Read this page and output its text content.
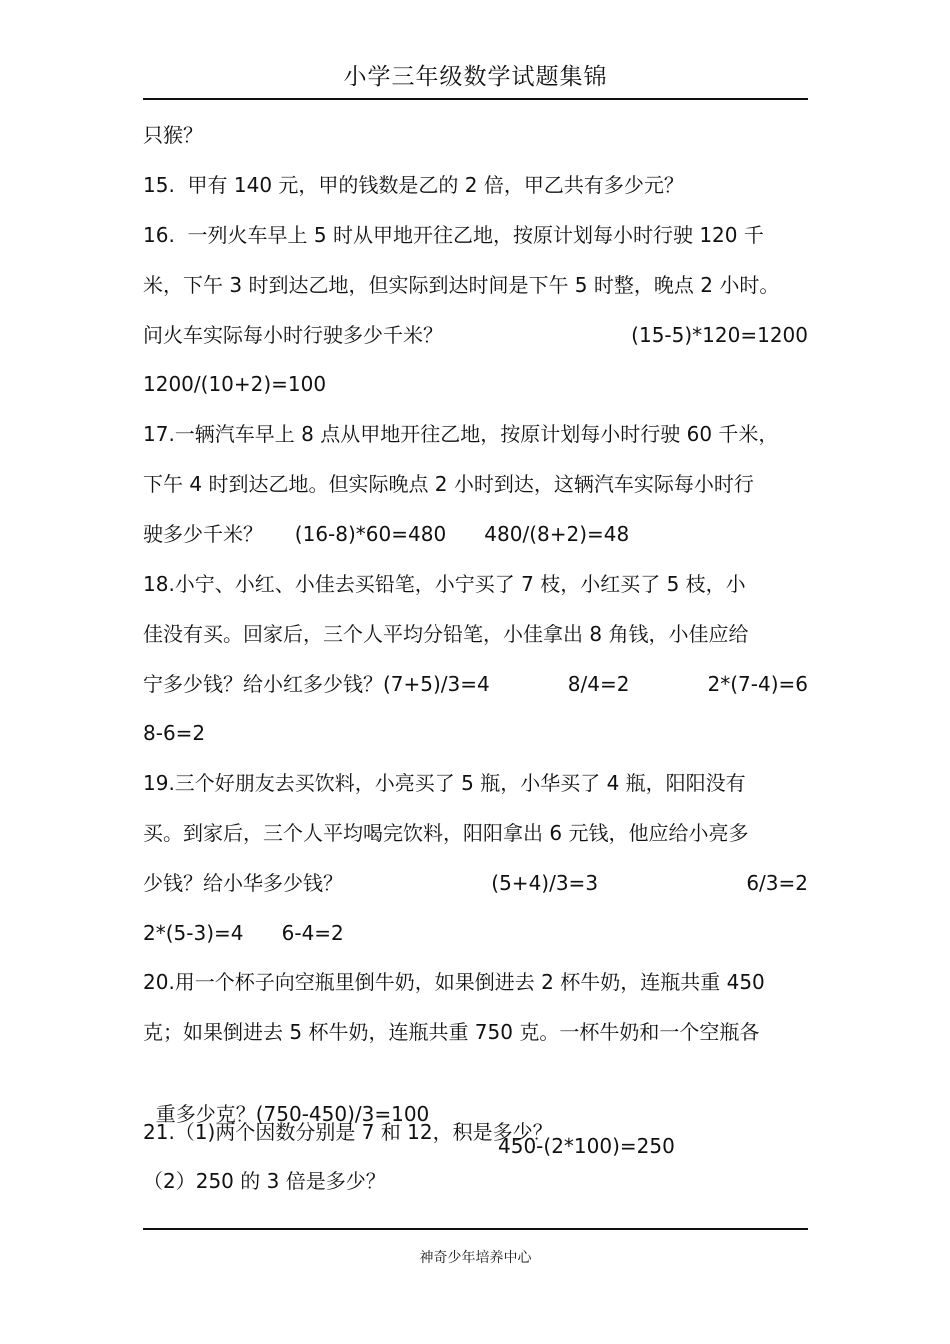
小学三年级数学试题集锦
只猴？
15.  甲有 140 元，甲的钱数是乙的 2 倍，甲乙共有多少元？
16.  一列火车早上 5 时从甲地开往乙地，按原计划每小时行驶 120 千
米，下午 3 时到达乙地，但实际到达时间是下午 5 时整，晚点 2 小时。
问火车实际每小时行驶多少千米？	(15-5)*120=1200
1200/(10+2)=100
17.一辆汽车早上 8 点从甲地开往乙地，按原计划每小时行驶 60 千米，
下午 4 时到达乙地。但实际晚点 2 小时到达，这辆汽车实际每小时行
驶多少千米？     (16-8)*60=480      480/(8+2)=48
18.小宁、小红、小佳去买铅笔，小宁买了 7 枝，小红买了 5 枝，小
佳没有买。回家后，三个人平均分铅笔，小佳拿出 8 角钱，小佳应给
宁多少钱？给小红多少钱？(7+5)/3=4	8/4=2	2*(7-4)=6
8-6=2
19.三个好朋友去买饮料，小亮买了 5 瓶，小华买了 4 瓶，阳阳没有
买。到家后，三个人平均喝完饮料，阳阳拿出 6 元钱，他应给小亮多
少钱？给小华多少钱？	(5+4)/3=3	6/3=2
2*(5-3)=4      6-4=2
20.用一个杯子向空瓶里倒牛奶，如果倒进去 2 杯牛奶，连瓶共重 450
克；如果倒进去 5 杯牛奶，连瓶共重 750 克。一杯牛奶和一个空瓶各

重多少克？(750-450)/3=100

450-(2*100)=250

21.（1)两个因数分别是 7 和 12，积是多少？
（2）250 的 3 倍是多少？
神奇少年培养中心
